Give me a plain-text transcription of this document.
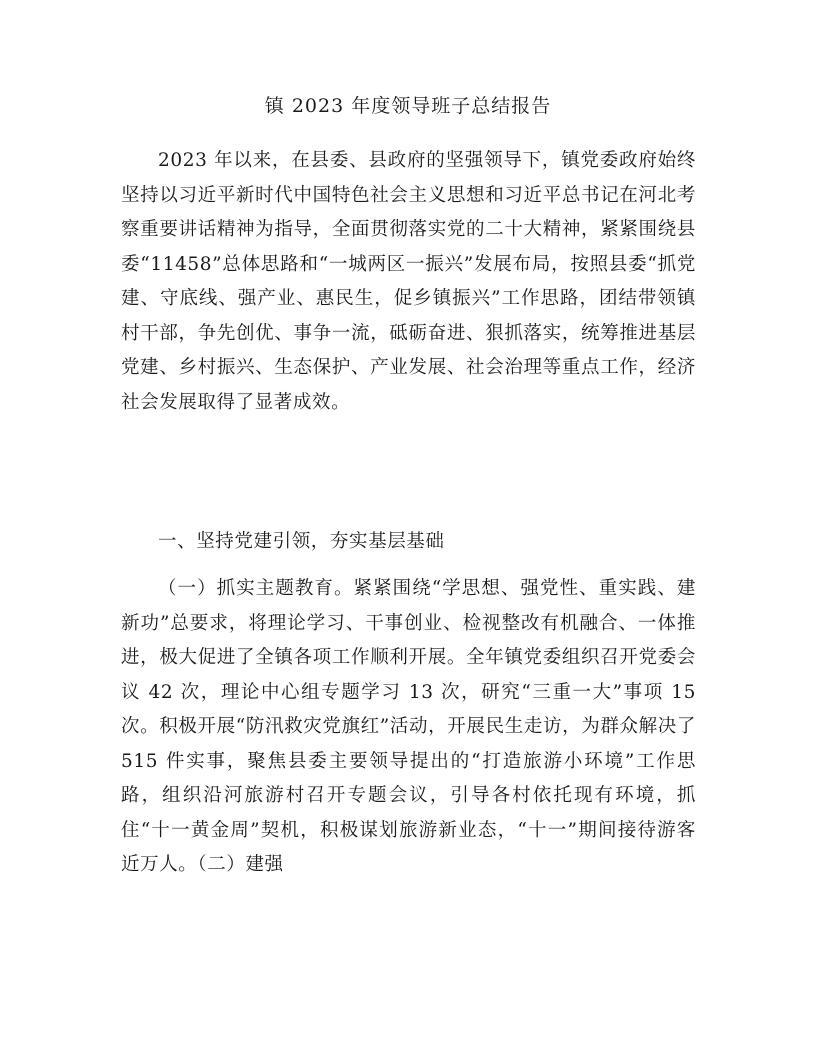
镇 2023 年度领导班子总结报告

2023 年以来，在县委、县政府的坚强领导下，镇党委政府始终坚持以习近平新时代中国特色社会主义思想和习近平总书记在河北考察重要讲话精神为指导，全面贯彻落实党的二十大精神，紧紧围绕县委“11458”总体思路和“一城两区一振兴”发展布局，按照县委“抓党建、守底线、强产业、惠民生，促乡镇振兴”工作思路，团结带领镇村干部，争先创优、事争一流，砥砺奋进、狠抓落实，统筹推进基层党建、乡村振兴、生态保护、产业发展、社会治理等重点工作，经济社会发展取得了显著成效。

一、坚持党建引领，夯实基层基础

（一）抓实主题教育。紧紧围绕“学思想、强党性、重实践、建新功”总要求，将理论学习、干事创业、检视整改有机融合、一体推进，极大促进了全镇各项工作顺利开展。全年镇党委组织召开党委会议 42 次，理论中心组专题学习 13 次，研究“三重一大”事项 15 次。积极开展“防汛救灾党旗红”活动，开展民生走访，为群众解决了 515 件实事，聚焦县委主要领导提出的“打造旅游小环境”工作思路，组织沿河旅游村召开专题会议，引导各村依托现有环境，抓住“十一黄金周”契机，积极谋划旅游新业态，“十一”期间接待游客近万人。（二）建强
